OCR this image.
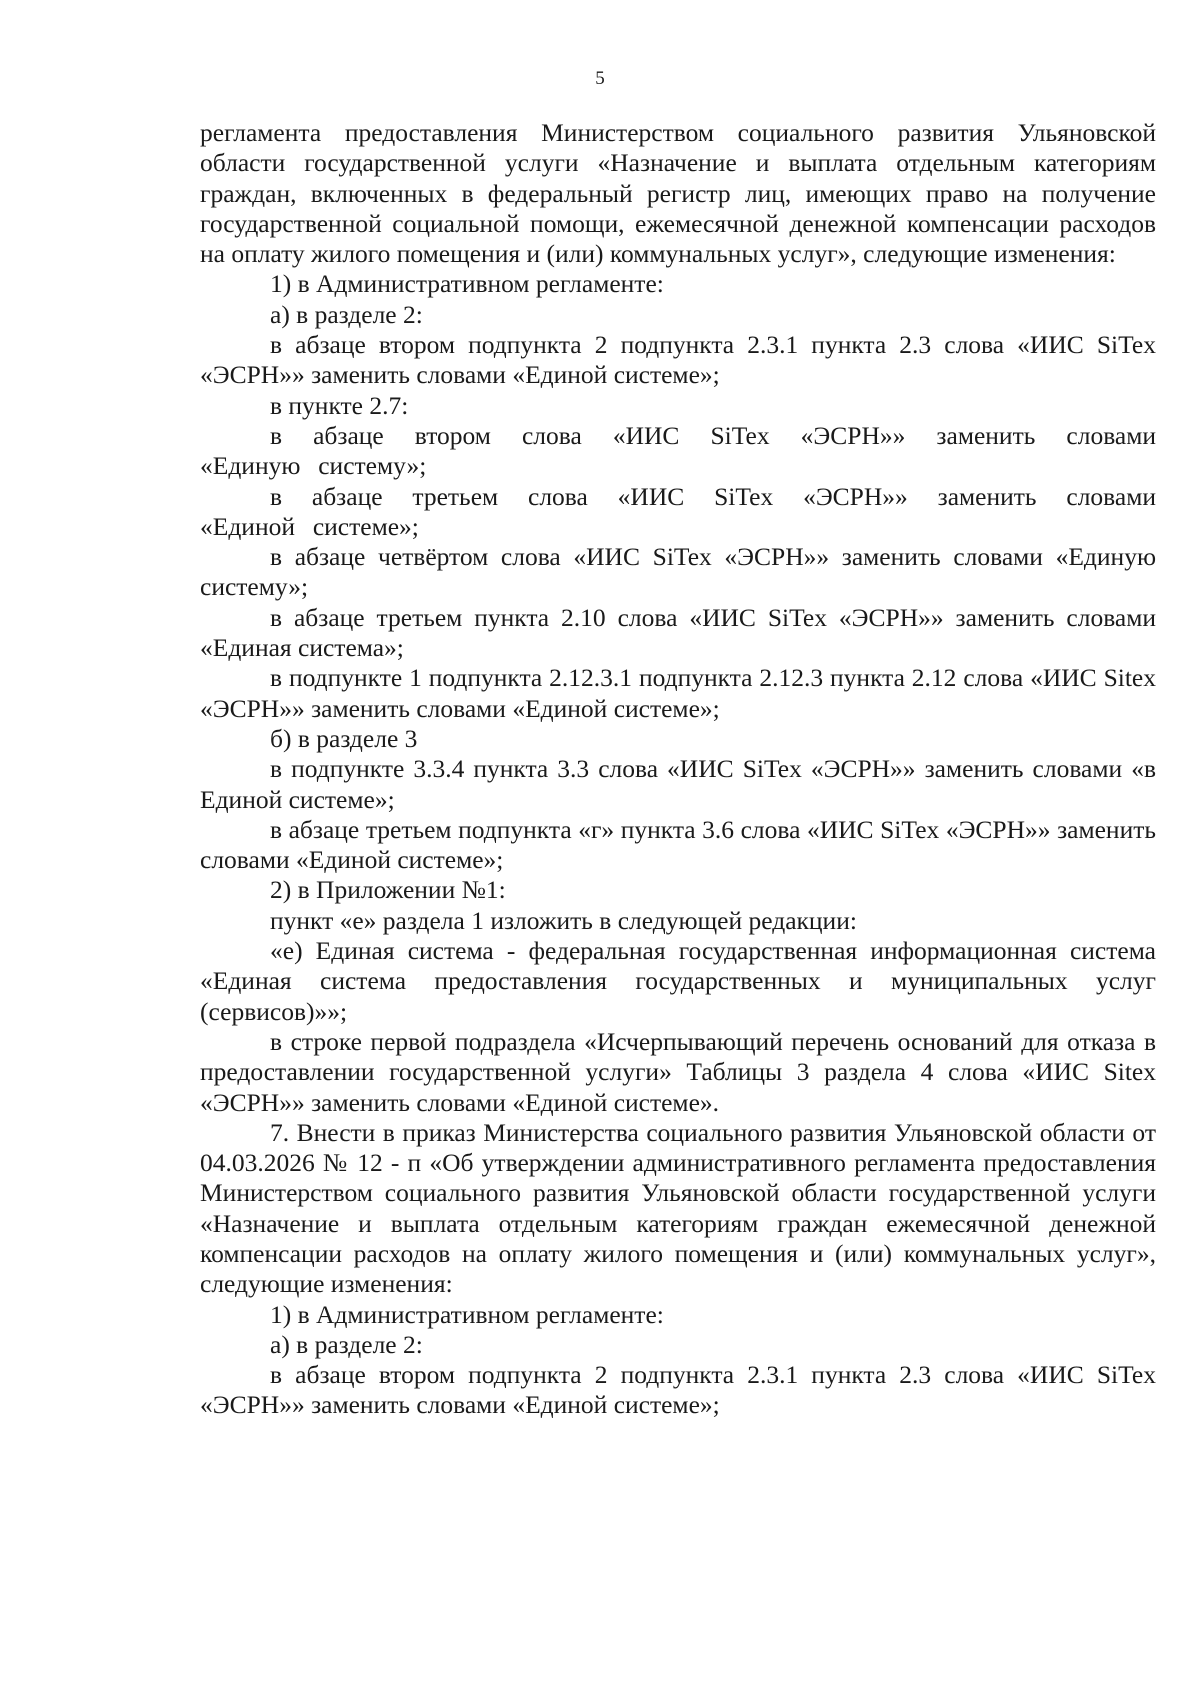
5

регламента предоставления Министерством социального развития Ульяновской области государственной услуги «Назначение и выплата отдельным категориям граждан, включенных в федеральный регистр лиц, имеющих право на получение государственной социальной помощи, ежемесячной денежной компенсации расходов на оплату жилого помещения и (или) коммунальных услуг», следующие изменения:

1) в Административном регламенте:

а) в разделе 2:

в абзаце втором подпункта 2 подпункта 2.3.1 пункта 2.3 слова «ИИС SiTex «ЭСРН»» заменить словами «Единой системе»;

в пункте 2.7:

в абзаце втором слова «ИИС SiTex «ЭСРН»» заменить словами «Единую систему»;

в абзаце третьем слова «ИИС SiTex «ЭСРН»» заменить словами «Единой системе»;

в абзаце четвёртом слова «ИИС SiTex «ЭСРН»» заменить словами «Единую систему»;

в абзаце третьем пункта 2.10 слова «ИИС SiTex «ЭСРН»» заменить словами «Единая система»;

в подпункте 1 подпункта 2.12.3.1 подпункта 2.12.3 пункта 2.12 слова «ИИС Sitex «ЭСРН»» заменить словами «Единой системе»;

б) в разделе 3

в подпункте 3.3.4 пункта 3.3 слова «ИИС SiTex «ЭСРН»» заменить словами «в Единой системе»;

в абзаце третьем подпункта «г» пункта 3.6 слова «ИИС SiTex «ЭСРН»» заменить словами «Единой системе»;

2) в Приложении №1:

пункт «е» раздела 1 изложить в следующей редакции:

«е) Единая система - федеральная государственная информационная система «Единая система предоставления государственных и муниципальных услуг (сервисов)»»;

в строке первой подраздела «Исчерпывающий перечень оснований для отказа в предоставлении государственной услуги» Таблицы 3 раздела 4 слова «ИИС Sitex «ЭСРН»» заменить словами «Единой системе».

7. Внести в приказ Министерства социального развития Ульяновской области от 04.03.2026 № 12 - п «Об утверждении административного регламента предоставления Министерством социального развития Ульяновской области государственной услуги «Назначение и выплата отдельным категориям граждан ежемесячной денежной компенсации расходов на оплату жилого помещения и (или) коммунальных услуг», следующие изменения:

1) в Административном регламенте:

а) в разделе 2:

в абзаце втором подпункта 2 подпункта 2.3.1 пункта 2.3 слова «ИИС SiTex «ЭСРН»» заменить словами «Единой системе»;
